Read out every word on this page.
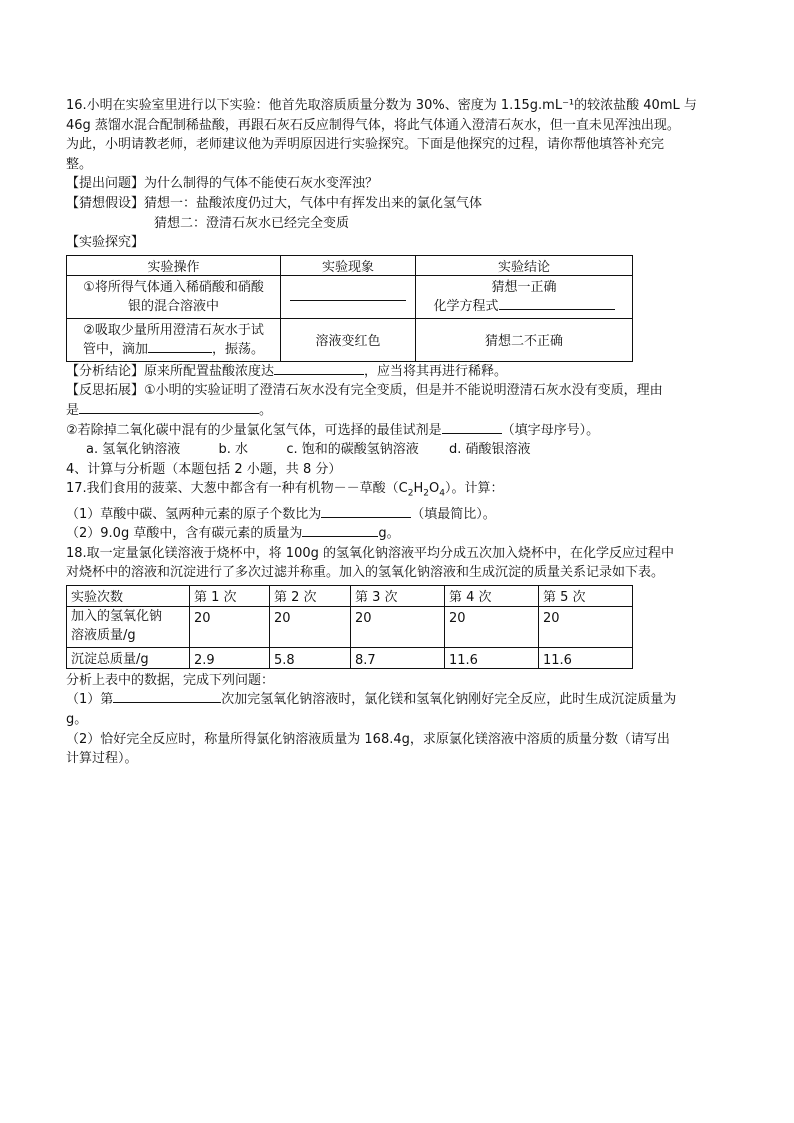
16.小明在实验室里进行以下实验：他首先取溶质质量分数为 30%、密度为 1.15g.mL⁻¹的较浓盐酸 40mL 与

46g 蒸馏水混合配制稀盐酸，再跟石灰石反应制得气体，将此气体通入澄清石灰水，但一直未见浑浊出现。

为此，小明请教老师，老师建议他为弄明原因进行实验探究。下面是他探究的过程，请你帮他填答补充完

整。

【提出问题】为什么制得的气体不能使石灰水变浑浊？

【猜想假设】猜想一：盐酸浓度仍过大，气体中有挥发出来的氯化氢气体

猜想二：澄清石灰水已经完全变质

【实验探究】

实验操作	实验现象	实验结论
①将所得气体通入稀硝酸和硝酸银的混合溶液中		猜想一正确
化学方程式

②吸取少量所用澄清石灰水于试
管中，滴加 ，振荡。	溶液变红色	猜想二不正确

【分析结论】原来所配置盐酸浓度达	，应当将其再进行稀释。

【反思拓展】①小明的实验证明了澄清石灰水没有完全变质，但是并不能说明澄清石灰水没有变质，理由

是	。

②若除掉二氧化碳中混有的少量氯化氢气体，可选择的最佳试剂是	（填字母序号）。

a. 氢氧化钠溶液	b. 水	c. 饱和的碳酸氢钠溶液 d. 硝酸银溶液

4、计算与分析题（本题包括 2 小题，共 8 分）

17.我们食用的菠菜、大葱中都含有一种有机物－－草酸$(C_2H_2O_4)$。计算：

（1）草酸中碳、氢两种元素的原子个数比为	（填最简比）。

（2）9.0g 草酸中，含有碳元素的质量为	g。

18.取一定量氯化镁溶液于烧杯中，将 100g 的氢氧化钠溶液平均分成五次加入烧杯中，在化学反应过程中

对烧杯中的溶液和沉淀进行了多次过滤并称重。加入的氢氧化钠溶液和生成沉淀的质量关系记录如下表。

实验次数	第 1 次	第 2 次	第 3 次	第 4 次	第 5 次

加入的氢氧化钠
溶液质量/g	20	20	20	20	20
沉淀总质量/g	2.9	5.8	8.7	11.6	11.6

分析上表中的数据，完成下列问题：

（1）第	次加完氢氧化钠溶液时，氯化镁和氢氧化钠刚好完全反应，此时生成沉淀质量为

g。

（2）恰好完全反应时，称量所得氯化钠溶液质量为 168.4g，求原氯化镁溶液中溶质的质量分数（请写出

计算过程）。
